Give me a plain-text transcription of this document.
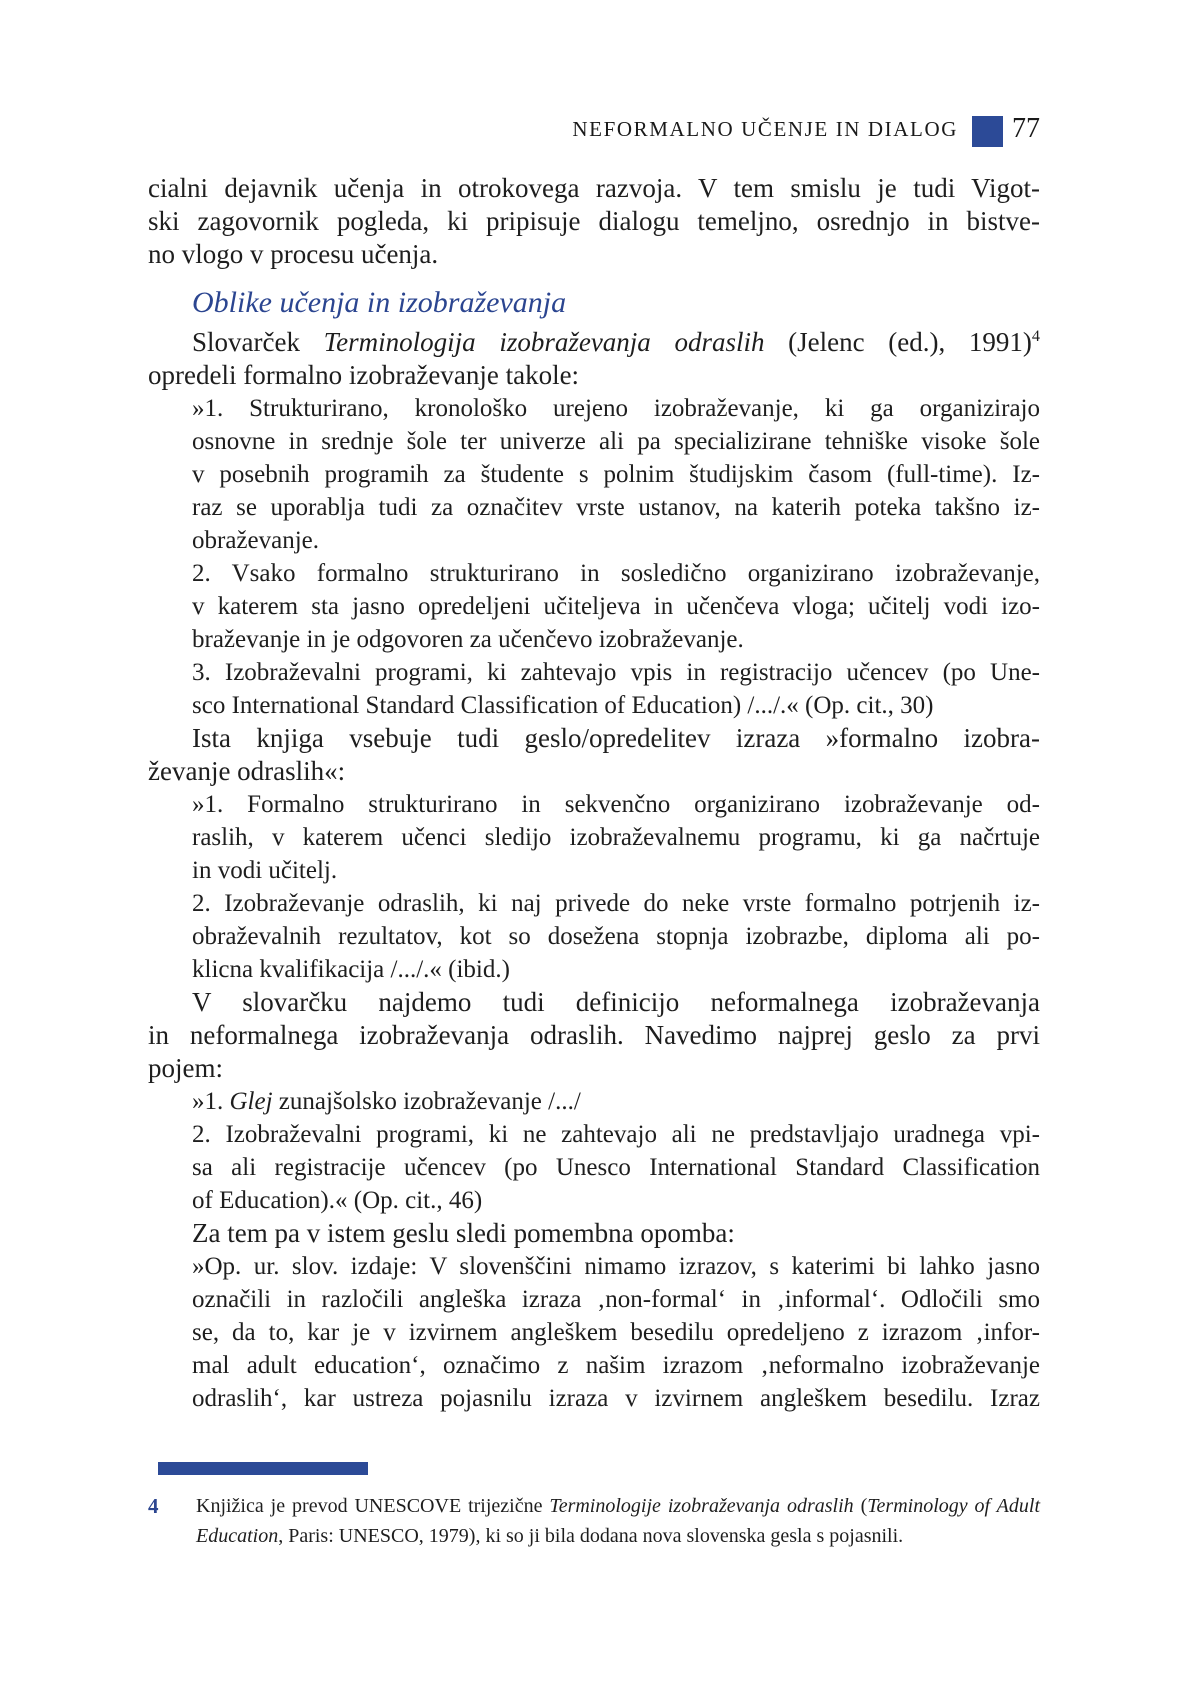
NEFORMALNO UČENJE IN DIALOG 77
cialni dejavnik učenja in otrokovega razvoja. V tem smislu je tudi Vigot-
ski zagovornik pogleda, ki pripisuje dialogu temeljno, osrednjo in bistve-
no vlogo v procesu učenja.
Oblike učenja in izobraževanja
Slovarček Terminologija izobraževanja odraslih (Jelenc (ed.), 1991)$^4$
opredeli formalno izobraževanje takole:
»1. Strukturirano, kronološko urejeno izobraževanje, ki ga organizirajo
osnovne in srednje šole ter univerze ali pa specializirane tehniške visoke šole
v posebnih programih za študente s polnim študijskim časom (full-time). Iz-
raz se uporablja tudi za označitev vrste ustanov, na katerih poteka takšno iz-
obraževanje.
2. Vsako formalno strukturirano in sosledično organizirano izobraževanje,
v katerem sta jasno opredeljeni učiteljeva in učenčeva vloga; učitelj vodi izo-
braževanje in je odgovoren za učenčevo izobraževanje.
3. Izobraževalni programi, ki zahtevajo vpis in registracijo učencev (po Une-
sco International Standard Classification of Education) /.../.« (Op. cit., 30)
Ista knjiga vsebuje tudi geslo/opredelitev izraza »formalno izobra-
ževanje odraslih«:
»1. Formalno strukturirano in sekvenčno organizirano izobraževanje od-
raslih, v katerem učenci sledijo izobraževalnemu programu, ki ga načrtuje
in vodi učitelj.
2. Izobraževanje odraslih, ki naj privede do neke vrste formalno potrjenih iz-
obraževalnih rezultatov, kot so dosežena stopnja izobrazbe, diploma ali po-
klicna kvalifikacija /.../.« (ibid.)
V slovarčku najdemo tudi definicijo neformalnega izobraževanja
in neformalnega izobraževanja odraslih. Navedimo najprej geslo za prvi
pojem:
»1. Glej zunajšolsko izobraževanje /.../
2. Izobraževalni programi, ki ne zahtevajo ali ne predstavljajo uradnega vpi-
sa ali registracije učencev (po Unesco International Standard Classification
of Education).« (Op. cit., 46)
Za tem pa v istem geslu sledi pomembna opomba:
»Op. ur. slov. izdaje: V slovenščini nimamo izrazov, s katerimi bi lahko jasno
označili in razločili angleška izraza ‚non-formal‘ in ‚informal‘. Odločili smo
se, da to, kar je v izvirnem angleškem besedilu opredeljeno z izrazom ‚infor-
mal adult education‘, označimo z našim izrazom ‚neformalno izobraževanje
odraslih‘, kar ustreza pojasnilu izraza v izvirnem angleškem besedilu. Izraz
4	Knjižica je prevod UNESCOVE trijezične Terminologije izobraževanja odraslih (Terminology of Adult
Education, Paris: UNESCO, 1979), ki so ji bila dodana nova slovenska gesla s pojasnili.
